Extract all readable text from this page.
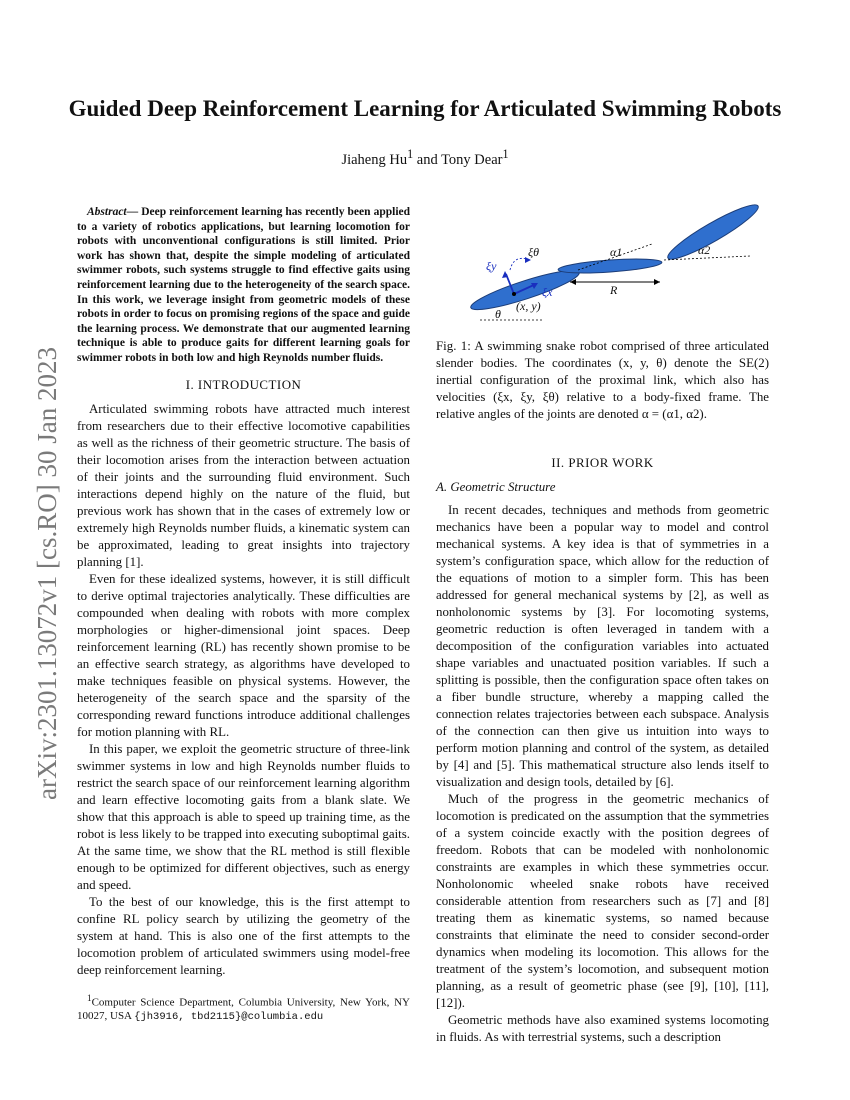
arXiv:2301.13072v1 [cs.RO] 30 Jan 2023
Guided Deep Reinforcement Learning for Articulated Swimming Robots
Jiaheng Hu$^1$ and Tony Dear$^1$
Abstract— Deep reinforcement learning has recently been applied to a variety of robotics applications, but learning locomotion for robots with unconventional configurations is still limited. Prior work has shown that, despite the simple modeling of articulated swimmer robots, such systems struggle to find effective gaits using reinforcement learning due to the heterogeneity of the search space. In this work, we leverage insight from geometric models of these robots in order to focus on promising regions of the space and guide the learning process. We demonstrate that our augmented learning technique is able to produce gaits for different learning goals for swimmer robots in both low and high Reynolds number fluids.
I. INTRODUCTION

Articulated swimming robots have attracted much interest from researchers due to their effective locomotive capabilities as well as the richness of their geometric structure. The basis of their locomotion arises from the interaction between actuation of their joints and the surrounding fluid environment. Such interactions depend highly on the nature of the fluid, but previous work has shown that in the cases of extremely low or extremely high Reynolds number fluids, a kinematic system can be approximated, leading to great insights into trajectory planning [1].

Even for these idealized systems, however, it is still difficult to derive optimal trajectories analytically. These difficulties are compounded when dealing with robots with more complex morphologies or higher-dimensional joint spaces. Deep reinforcement learning (RL) has recently shown promise to be an effective search strategy, as algorithms have developed to make techniques feasible on physical systems. However, the heterogeneity of the search space and the sparsity of the corresponding reward functions introduce additional challenges for motion planning with RL.

In this paper, we exploit the geometric structure of three-link swimmer systems in low and high Reynolds number fluids to restrict the search space of our reinforcement learning algorithm and learn effective locomoting gaits from a blank slate. We show that this approach is able to speed up training time, as the robot is less likely to be trapped into executing suboptimal gaits. At the same time, we show that the RL method is still flexible enough to be optimized for different objectives, such as energy and speed.

To the best of our knowledge, this is the first attempt to confine RL policy search by utilizing the geometry of the system at hand. This is also one of the first attempts to the locomotion problem of articulated swimmers using model-free deep reinforcement learning.

$^1$Computer Science Department, Columbia University, New York, NY 10027, USA {jh3916, tbd2115}@columbia.edu
ξy
ξθ
ξx
α1	α2
R
(x, y)
θ

Fig. 1: A swimming snake robot comprised of three articulated slender bodies. The coordinates (x, y, θ) denote the SE(2) inertial configuration of the proximal link, which also has velocities (ξx, ξy, ξθ) relative to a body-fixed frame. The relative angles of the joints are denoted α = (α1, α2).

II. PRIOR WORK
A. Geometric Structure

In recent decades, techniques and methods from geometric mechanics have been a popular way to model and control mechanical systems. A key idea is that of symmetries in a system’s configuration space, which allow for the reduction of the equations of motion to a simpler form. This has been addressed for general mechanical systems by [2], as well as nonholonomic systems by [3]. For locomoting systems, geometric reduction is often leveraged in tandem with a decomposition of the configuration variables into actuated shape variables and unactuated position variables. If such a splitting is possible, then the configuration space often takes on a fiber bundle structure, whereby a mapping called the connection relates trajectories between each subspace. Analysis of the connection can then give us intuition into ways to perform motion planning and control of the system, as detailed by [4] and [5]. This mathematical structure also lends itself to visualization and design tools, detailed by [6].

Much of the progress in the geometric mechanics of locomotion is predicated on the assumption that the symmetries of a system coincide exactly with the position degrees of freedom. Robots that can be modeled with nonholonomic constraints are examples in which these symmetries occur. Nonholonomic wheeled snake robots have received considerable attention from researchers such as [7] and [8] treating them as kinematic systems, so named because constraints that eliminate the need to consider second-order dynamics when modeling its locomotion. This allows for the treatment of the system’s locomotion, and subsequent motion planning, as a result of geometric phase (see [9], [10], [11], [12]).

Geometric methods have also examined systems locomoting in fluids. As with terrestrial systems, such a description
